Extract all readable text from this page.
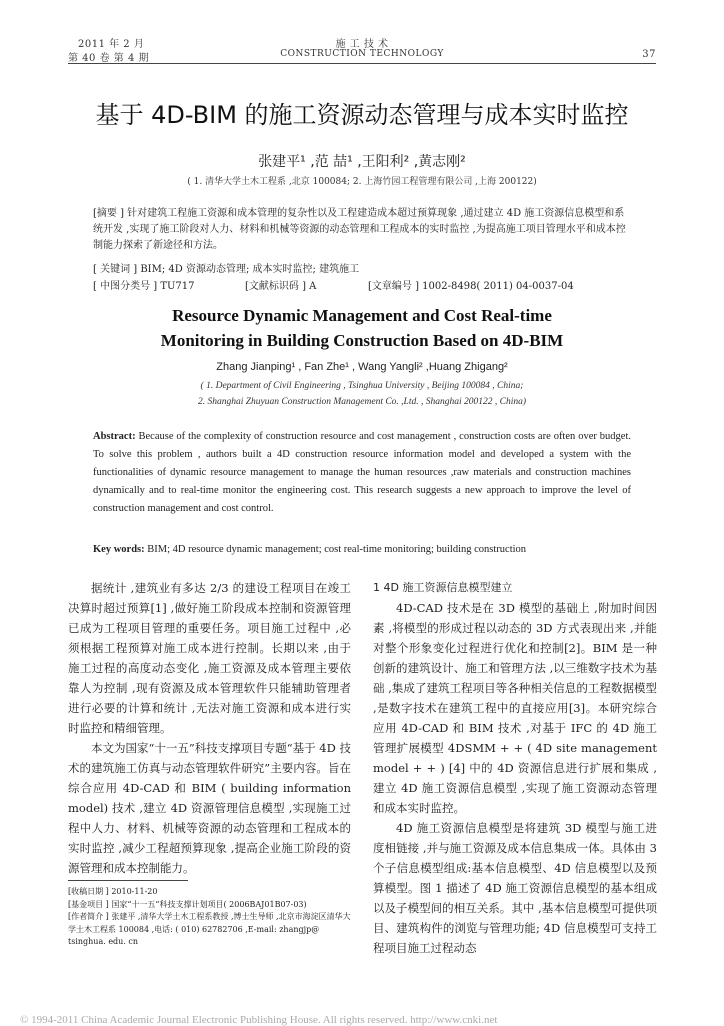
2011 年 2 月
第 40 卷 第 4 期
施 工 技 术
CONSTRUCTION TECHNOLOGY	37
基于 4D-BIM 的施工资源动态管理与成本实时监控
张建平¹ ,范 喆¹ ,王阳利² ,黄志刚²
( 1. 清华大学土木工程系 ,北京 100084; 2. 上海竹园工程管理有限公司 ,上海 200122)
[摘要 ] 针对建筑工程施工资源和成本管理的复杂性以及工程建造成本超过预算现象 ,通过建立 4D 施工资源信息模型和系统开发 ,实现了施工阶段对人力、材料和机械等资源的动态管理和工程成本的实时监控 ,为提高施工项目管理水平和成本控制能力探索了新途径和方法。
[ 关键词 ] BIM; 4D 资源动态管理; 成本实时监控; 建筑施工
[ 中图分类号 ] TU717	[文献标识码 ] A	[文章编号 ] 1002-8498( 2011) 04-0037-04
Resource Dynamic Management and Cost Real-time
Monitoring in Building Construction Based on 4D-BIM
Zhang Jianping¹ , Fan Zhe¹ , Wang Yangli² ,Huang Zhigang²
( 1. Department of Civil Engineering , Tsinghua University , Beijing 100084 , China;
2. Shanghai Zhuyuan Construction Management Co. ,Ltd. , Shanghai 200122 , China)
Abstract: Because of the complexity of construction resource and cost management , construction costs are often over budget. To solve this problem , authors built a 4D construction resource information model and developed a system with the functionalities of dynamic resource management to manage the human resources ,raw materials and construction machines dynamically and to real-time monitor the engineering cost. This research suggests a new approach to improve the level of construction management and cost control.
Key words: BIM; 4D resource dynamic management; cost real-time monitoring; building construction

据统计 ,建筑业有多达 2/3 的建设工程项目在竣工决算时超过预算[1] ,做好施工阶段成本控制和资源管理已成为工程项目管理的重要任务。项目施工过程中 ,必须根据工程预算对施工成本进行控制。长期以来 ,由于施工过程的高度动态变化 ,施工资源及成本管理主要依靠人为控制 ,现有资源及成本管理软件只能辅助管理者进行必要的计算和统计 ,无法对施工资源和成本进行实时监控和精细管理。

本文为国家“十一五”科技支撑项目专题“基于 4D 技术的建筑施工仿真与动态管理软件研究”主要内容。旨在综合应用 4D-CAD 和 BIM ( building information model) 技术 ,建立 4D 资源管理信息模型 ,实现施工过程中人力、材料、机械等资源的动态管理和工程成本的实时监控 ,减少工程超预算现象 ,提高企业施工阶段的资源管理和成本控制能力。

[收稿日期 ] 2010-11-20
[基金项目 ] 国家“十一五”科技支撑计划项目( 2006BAJ01B07-03)
[作者简介 ] 张建平 ,清华大学土木工程系教授 ,博士生导师 ,北京市海淀区清华大学土木工程系 100084 ,电话: ( 010) 62782706 ,E-mail: zhangjp@ tsinghua. edu. cn
1 4D 施工资源信息模型建立

4D-CAD 技术是在 3D 模型的基础上 ,附加时间因素 ,将模型的形成过程以动态的 3D 方式表现出来 ,并能对整个形象变化过程进行优化和控制[2]。BIM 是一种创新的建筑设计、施工和管理方法 ,以三维数字技术为基础 ,集成了建筑工程项目等各种相关信息的工程数据模型 ,是数字技术在建筑工程中的直接应用[3]。本研究综合应用 4D-CAD 和 BIM 技术 ,对基于 IFC 的 4D 施工管理扩展模型 4DSMM + + ( 4D site management model + + ) [4] 中的 4D 资源信息进行扩展和集成 ,建立 4D 施工资源信息模型 ,实现了施工资源动态管理和成本实时监控。

4D 施工资源信息模型是将建筑 3D 模型与施工进度相链接 ,并与施工资源及成本信息集成一体。具体由 3 个子信息模型组成:基本信息模型、4D 信息模型以及预算模型。图 1 描述了 4D 施工资源信息模型的基本组成以及子模型间的相互关系。其中 ,基本信息模型可提供项目、建筑构件的浏览与管理功能; 4D 信息模型可支持工程项目施工过程动态

© 1994-2011 China Academic Journal Electronic Publishing House. All rights reserved. http://www.cnki.net
